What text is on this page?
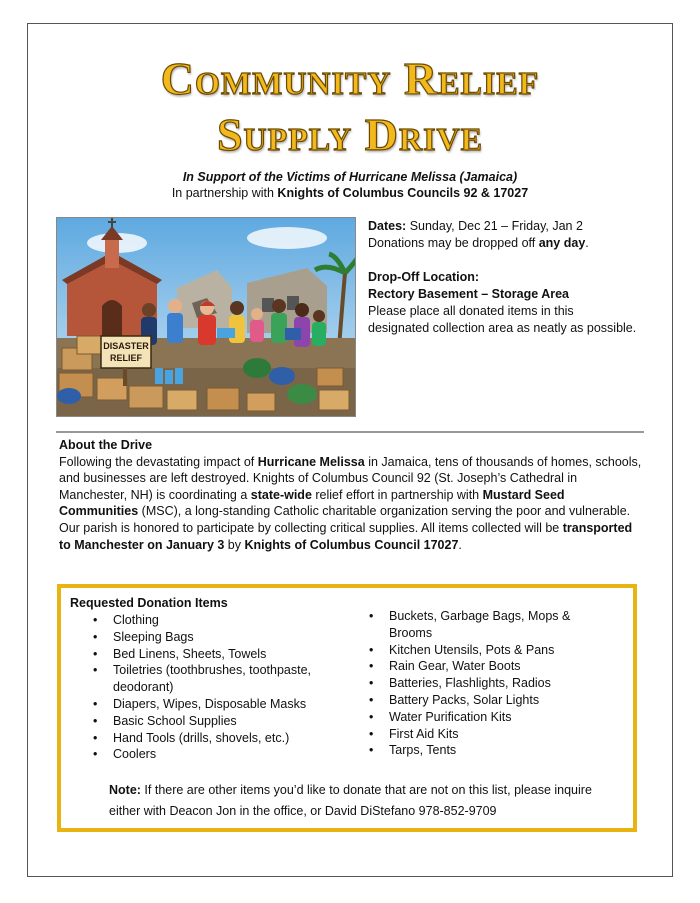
Community Relief
Supply Drive
In Support of the Victims of Hurricane Melissa (Jamaica)
In partnership with Knights of Columbus Councils 92 & 17027
DISASTER
RELIEF

Dates: Sunday, Dec 21 – Friday, Jan 2

Donations may be dropped off any day.

Drop-Off Location:

Rectory Basement – Storage Area

Please place all donated items in this designated collection area as neatly as possible.

About the Drive

Following the devastating impact of Hurricane Melissa in Jamaica, tens of thousands of homes, schools, and businesses are left destroyed. Knights of Columbus Council 92 (St. Joseph’s Cathedral in Manchester, NH) is coordinating a state-wide relief effort in partnership with Mustard Seed Communities (MSC), a long-standing Catholic charitable organization serving the poor and vulnerable. Our parish is honored to participate by collecting critical supplies. All items collected will be transported to Manchester on January 3 by Knights of Columbus Council 17027.

Requested Donation Items
• Clothing
• Sleeping Bags
• Bed Linens, Sheets, Towels
• Toiletries (toothbrushes, toothpaste, deodorant)
• Diapers, Wipes, Disposable Masks
• Basic School Supplies
• Hand Tools (drills, shovels, etc.)
• Coolers
• Buckets, Garbage Bags, Mops & Brooms
• Kitchen Utensils, Pots & Pans
• Rain Gear, Water Boots
• Batteries, Flashlights, Radios
• Battery Packs, Solar Lights
• Water Purification Kits
• First Aid Kits
• Tarps, Tents
Note: If there are other items you’d like to donate that are not on this list, please inquire either with Deacon Jon in the office, or David DiStefano 978-852-9709
